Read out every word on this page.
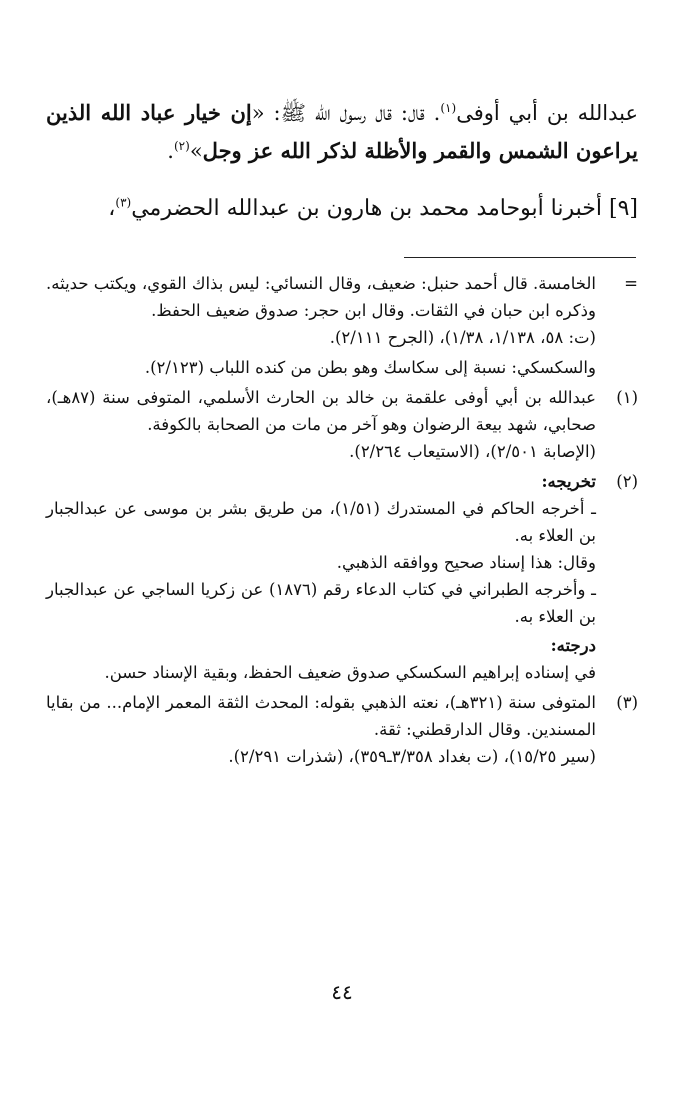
عبدالله بن أبي أوفى$^{(١)}$. قال: قال رسول الله ﷺ: «إن خيار عباد الله الذين يراعون الشمس والقمر والأظلة لذكر الله عز وجل»$^{(٢)}$.

[٩] أخبرنا أبوحامد محمد بن هارون بن عبدالله الحضرمي$^{(٣)}$،

=
الخامسة. قال أحمد حنبل: ضعيف، وقال النسائي: ليس بذاك القوي، ويكتب حديثه. وذكره ابن حبان في الثقات. وقال ابن حجر: صدوق ضعيف الحفظ.
(ت: ٥٨، ١/١٣٨، ١/٣٨)، (الجرح ٢/١١١).
والسكسكي: نسبة إلى سكاسك وهو بطن من كنده اللباب (٢/١٢٣).
(١)
عبدالله بن أبي أوفى علقمة بن خالد بن الحارث الأسلمي، المتوفى سنة (٨٧هـ)، صحابي، شهد بيعة الرضوان وهو آخر من مات من الصحابة بالكوفة.
(الإصابة ٢/٥٠١)، (الاستيعاب ٢/٢٦٤).
(٢)
تخريجه:
ـ أخرجه الحاكم في المستدرك (١/٥١)، من طريق بشر بن موسى عن عبدالجبار بن العلاء به.
وقال: هذا إسناد صحيح ووافقه الذهبي.
ـ وأخرجه الطبراني في كتاب الدعاء رقم (١٨٧٦) عن زكريا الساجي عن عبدالجبار بن العلاء به.
درجته:
في إسناده إبراهيم السكسكي صدوق ضعيف الحفظ، وبقية الإسناد حسن.
(٣)
المتوفى سنة (٣٢١هـ)، نعته الذهبي بقوله: المحدث الثقة المعمر الإمام... من بقايا المسندين. وقال الدارقطني: ثقة.
(سير ١٥/٢٥)، (ت بغداد ٣/٣٥٨ـ٣٥٩)، (شذرات ٢/٢٩١).
٤٤
